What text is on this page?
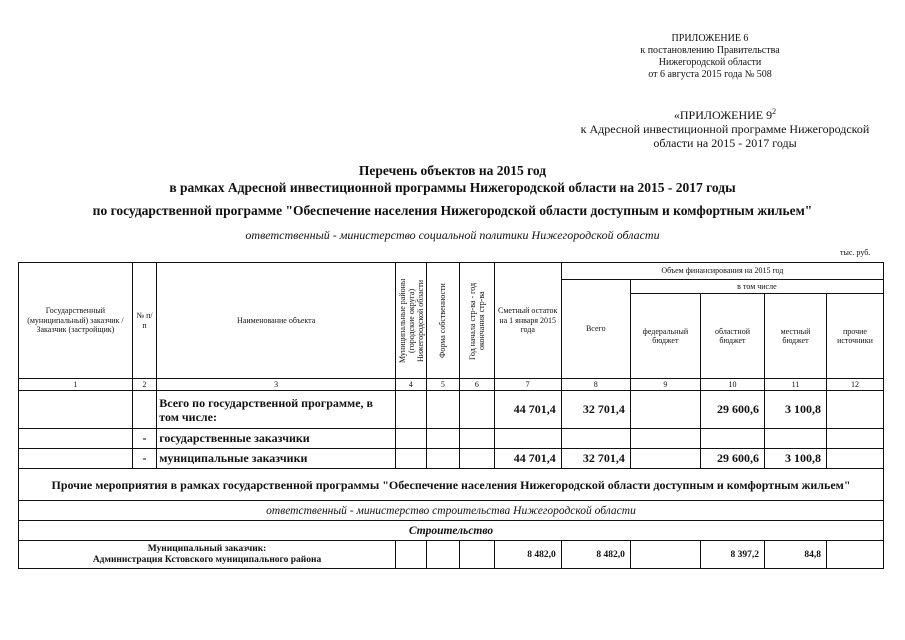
ПРИЛОЖЕНИЕ 6
к постановлению Правительства
Нижегородской области
от 6 августа 2015 года № 508
«ПРИЛОЖЕНИЕ $9^2$
к Адресной инвестиционной программе Нижегородской
области на 2015 - 2017 годы
Перечень объектов на 2015 год
в рамках Адресной инвестиционной программы Нижегородской области на 2015 - 2017 годы
по государственной программе "Обеспечение населения Нижегородской области доступным и комфортным жильем"
ответственный - министерство социальной политики Нижегородской области
тыс. руб.
Государственный (муниципальный) заказчик / Заказчик (застройщик)	№ п/п	Наименование объекта	Муниципальные районы (городские округа) Нижегородской области	Форма собственности	Год начала стр-ва - год окончания стр-ва	Сметный остаток на 1 января 2015 года	Объем финансирования на 2015 год				
							Всего	в том числе			
								федеральный бюджет	областной бюджет	местный бюджет	прочие источники
1	2	3	4	5	6	7	8	9	10	11	12
		Всего по государственной программе, в том числе:				44 701,4	32 701,4		29 600,6	3 100,8	
	-	государственные заказчики									
	-	муниципальные заказчики				44 701,4	32 701,4		29 600,6	3 100,8	
Прочие мероприятия в рамках государственной программы "Обеспечение населения Нижегородской области доступным и комфортным жильем"											
ответственный - министерство строительства Нижегородской области											
Строительство											

Муниципальный заказчик:
Администрация Кстовского муниципального района						8 482,0	8 482,0		8 397,2	84,8	
